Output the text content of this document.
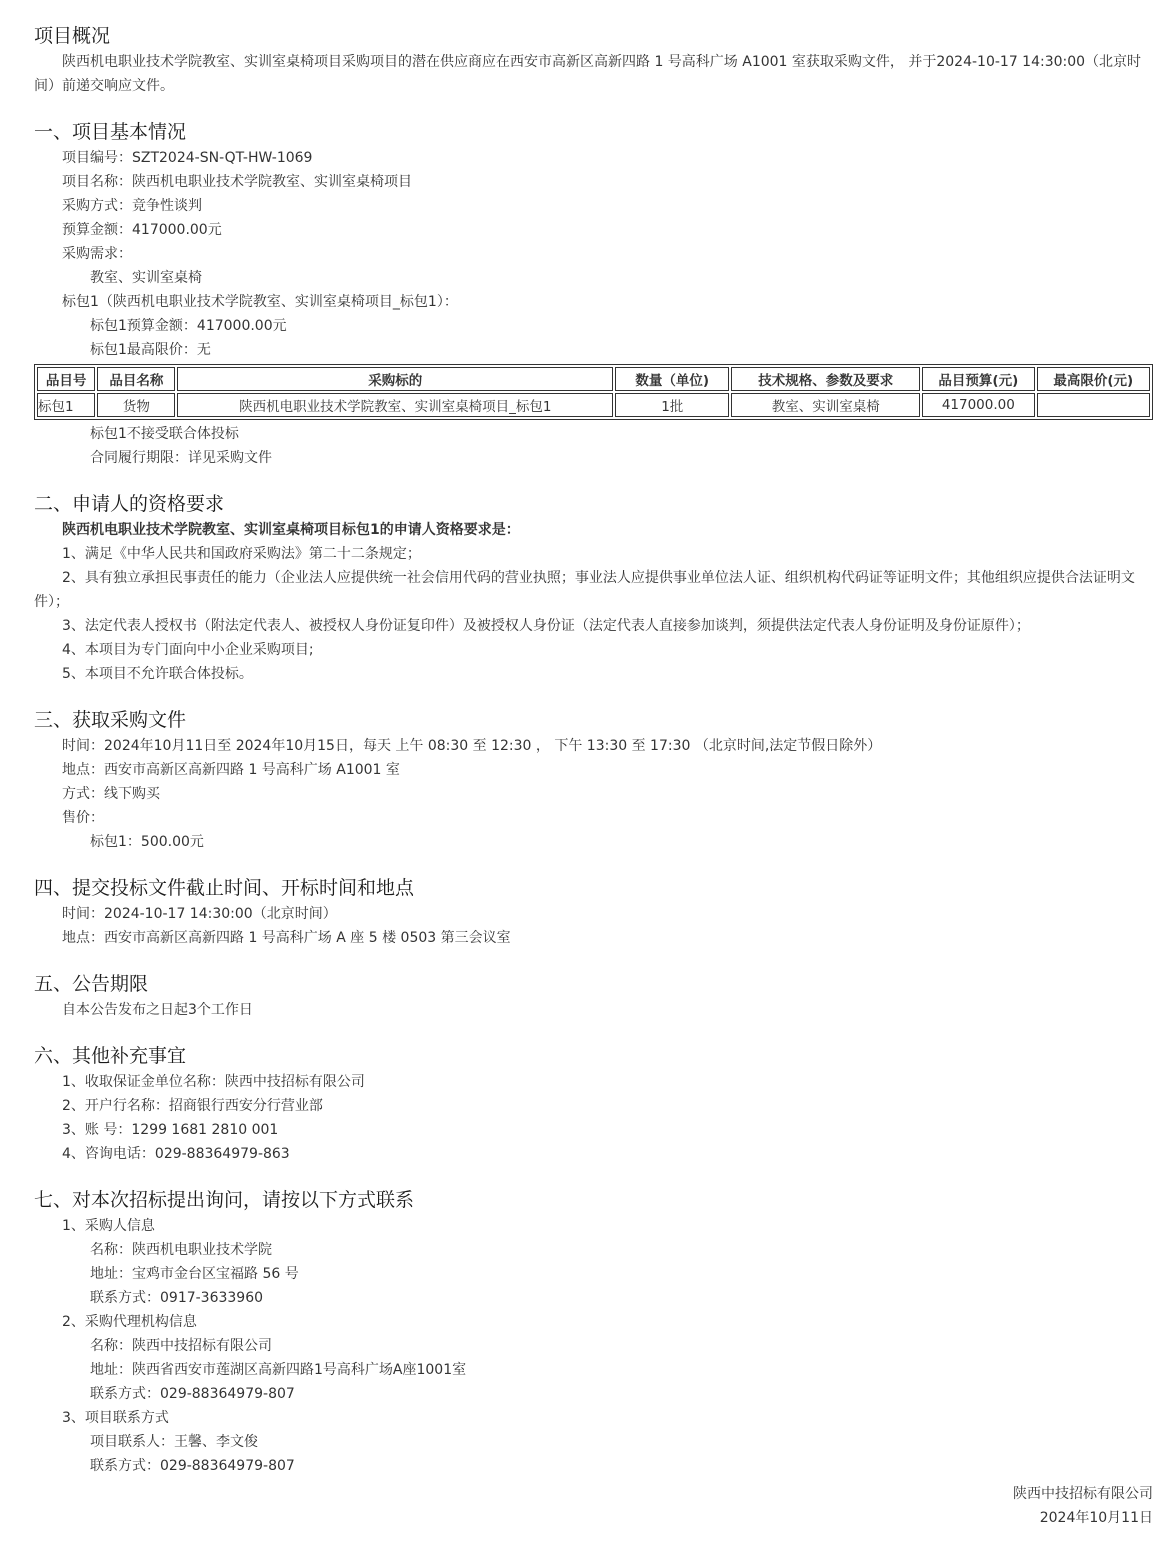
项目概况
陕西机电职业技术学院教室、实训室桌椅项目采购项目的潜在供应商应在西安市高新区高新四路 1 号高科广场 A1001 室获取采购文件， 并于2024-10-17 14:30:00（北京时间）前递交响应文件。
一、项目基本情况
项目编号：SZT2024-SN-QT-HW-1069
项目名称：陕西机电职业技术学院教室、实训室桌椅项目
采购方式：竞争性谈判
预算金额：417000.00元
采购需求：
教室、实训室桌椅
标包1（陕西机电职业技术学院教室、实训室桌椅项目_标包1）：
标包1预算金额：417000.00元
标包1最高限价：无
品目号	品目名称	采购标的	数量（单位)	技术规格、参数及要求	品目预算(元)	最高限价(元)
标包1	货物	陕西机电职业技术学院教室、实训室桌椅项目_标包1	1批	教室、实训室桌椅	417000.00	
标包1不接受联合体投标
合同履行期限：详见采购文件
二、申请人的资格要求
陕西机电职业技术学院教室、实训室桌椅项目标包1的申请人资格要求是：
1、满足《中华人民共和国政府采购法》第二十二条规定；
2、具有独立承担民事责任的能力（企业法人应提供统一社会信用代码的营业执照；事业法人应提供事业单位法人证、组织机构代码证等证明文件；其他组织应提供合法证明文件）；
3、法定代表人授权书（附法定代表人、被授权人身份证复印件）及被授权人身份证（法定代表人直接参加谈判，须提供法定代表人身份证明及身份证原件）；
4、本项目为专门面向中小企业采购项目;
5、本项目不允许联合体投标。
三、获取采购文件
时间：2024年10月11日至 2024年10月15日，每天 上午 08:30 至 12:30 ， 下午 13:30 至 17:30 （北京时间,法定节假日除外）
地点：西安市高新区高新四路 1 号高科广场 A1001 室
方式：线下购买
售价：
标包1：500.00元
四、提交投标文件截止时间、开标时间和地点
时间：2024-10-17 14:30:00（北京时间）
地点：西安市高新区高新四路 1 号高科广场 A 座 5 楼 0503 第三会议室
五、公告期限
自本公告发布之日起3个工作日
六、其他补充事宜
1、收取保证金单位名称：陕西中技招标有限公司
2、开户行名称：招商银行西安分行营业部
3、账 号：1299 1681 2810 001
4、咨询电话：029-88364979-863
七、对本次招标提出询问，请按以下方式联系
1、采购人信息
名称：陕西机电职业技术学院
地址：宝鸡市金台区宝福路 56 号
联系方式：0917-3633960
2、采购代理机构信息
名称：陕西中技招标有限公司
地址：陕西省西安市莲湖区高新四路1号高科广场A座1001室
联系方式：029-88364979-807
3、项目联系方式
项目联系人：王馨、李文俊
联系方式：029-88364979-807
陕西中技招标有限公司
2024年10月11日
